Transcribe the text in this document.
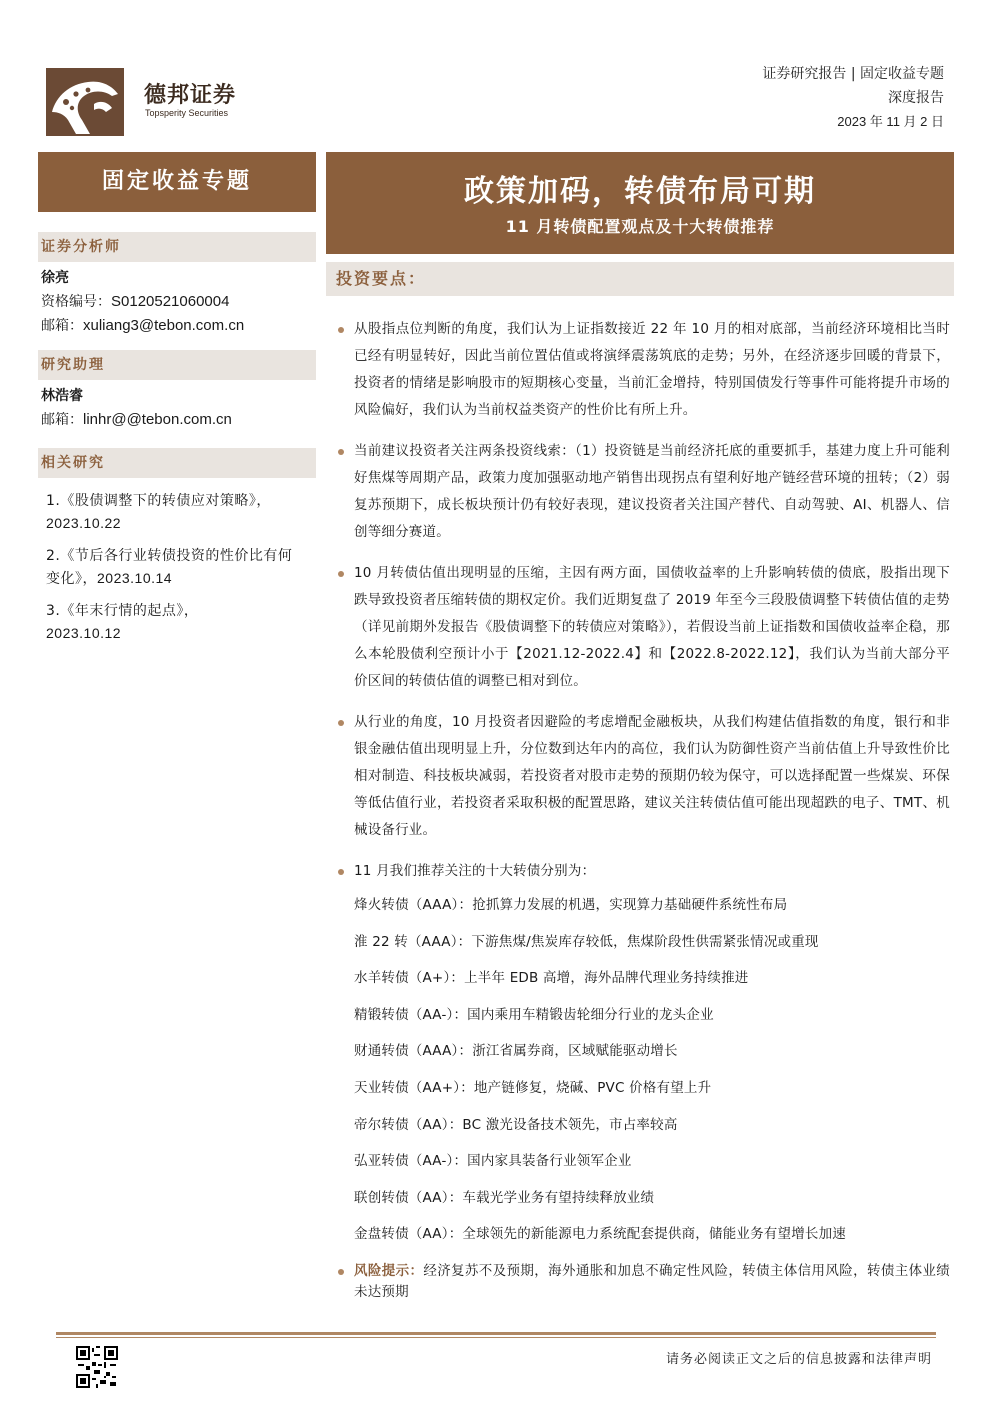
德邦证券
Topsperity Securities
证券研究报告 | 固定收益专题
深度报告
2023 年 11 月 2 日
固定收益专题
证券分析师
徐亮
资格编号：S0120521060004
邮箱：xuliang3@tebon.com.cn
研究助理
林浩睿
邮箱：linhr@@tebon.com.cn
相关研究
1.《股债调整下的转债应对策略》，2023.10.22
2.《节后各行业转债投资的性价比有何变化》，2023.10.14
3.《年末行情的起点》，
2023.10.12
政策加码，转债布局可期
11 月转债配置观点及十大转债推荐
投资要点：
从股指点位判断的角度，我们认为上证指数接近 22 年 10 月的相对底部，当前经济环境相比当时已经有明显转好，因此当前位置估值或将演绎震荡筑底的走势；另外，在经济逐步回暖的背景下，投资者的情绪是影响股市的短期核心变量，当前汇金增持，特别国债发行等事件可能将提升市场的风险偏好，我们认为当前权益类资产的性价比有所上升。
当前建议投资者关注两条投资线索：（1）投资链是当前经济托底的重要抓手，基建力度上升可能利好焦煤等周期产品，政策力度加强驱动地产销售出现拐点有望利好地产链经营环境的扭转；（2）弱复苏预期下，成长板块预计仍有较好表现，建议投资者关注国产替代、自动驾驶、AI、机器人、信创等细分赛道。
10 月转债估值出现明显的压缩，主因有两方面，国债收益率的上升影响转债的债底，股指出现下跌导致投资者压缩转债的期权定价。我们近期复盘了 2019 年至今三段股债调整下转债估值的走势（详见前期外发报告《股债调整下的转债应对策略》），若假设当前上证指数和国债收益率企稳，那么本轮股债利空预计小于【2021.12-2022.4】和【2022.8-2022.12】，我们认为当前大部分平价区间的转债估值的调整已相对到位。
从行业的角度，10 月投资者因避险的考虑增配金融板块，从我们构建估值指数的角度，银行和非银金融估值出现明显上升，分位数到达年内的高位，我们认为防御性资产当前估值上升导致性价比相对制造、科技板块减弱，若投资者对股市走势的预期仍较为保守，可以选择配置一些煤炭、环保等低估值行业，若投资者采取积极的配置思路，建议关注转债估值可能出现超跌的电子、TMT、机械设备行业。
11 月我们推荐关注的十大转债分别为：
烽火转债（AAA）：抢抓算力发展的机遇，实现算力基础硬件系统性布局
淮 22 转（AAA）：下游焦煤/焦炭库存较低，焦煤阶段性供需紧张情况或重现
水羊转债（A+）：上半年 EDB 高增，海外品牌代理业务持续推进
精锻转债（AA-）：国内乘用车精锻齿轮细分行业的龙头企业
财通转债（AAA）：浙江省属券商，区域赋能驱动增长
天业转债（AA+）：地产链修复，烧碱、PVC 价格有望上升
帝尔转债（AA）：BC 激光设备技术领先，市占率较高
弘亚转债（AA-）：国内家具装备行业领军企业
联创转债（AA）：车载光学业务有望持续释放业绩
金盘转债（AA）：全球领先的新能源电力系统配套提供商，储能业务有望增长加速
风险提示：经济复苏不及预期，海外通胀和加息不确定性风险，转债主体信用风险，转债主体业绩未达预期
请务必阅读正文之后的信息披露和法律声明
